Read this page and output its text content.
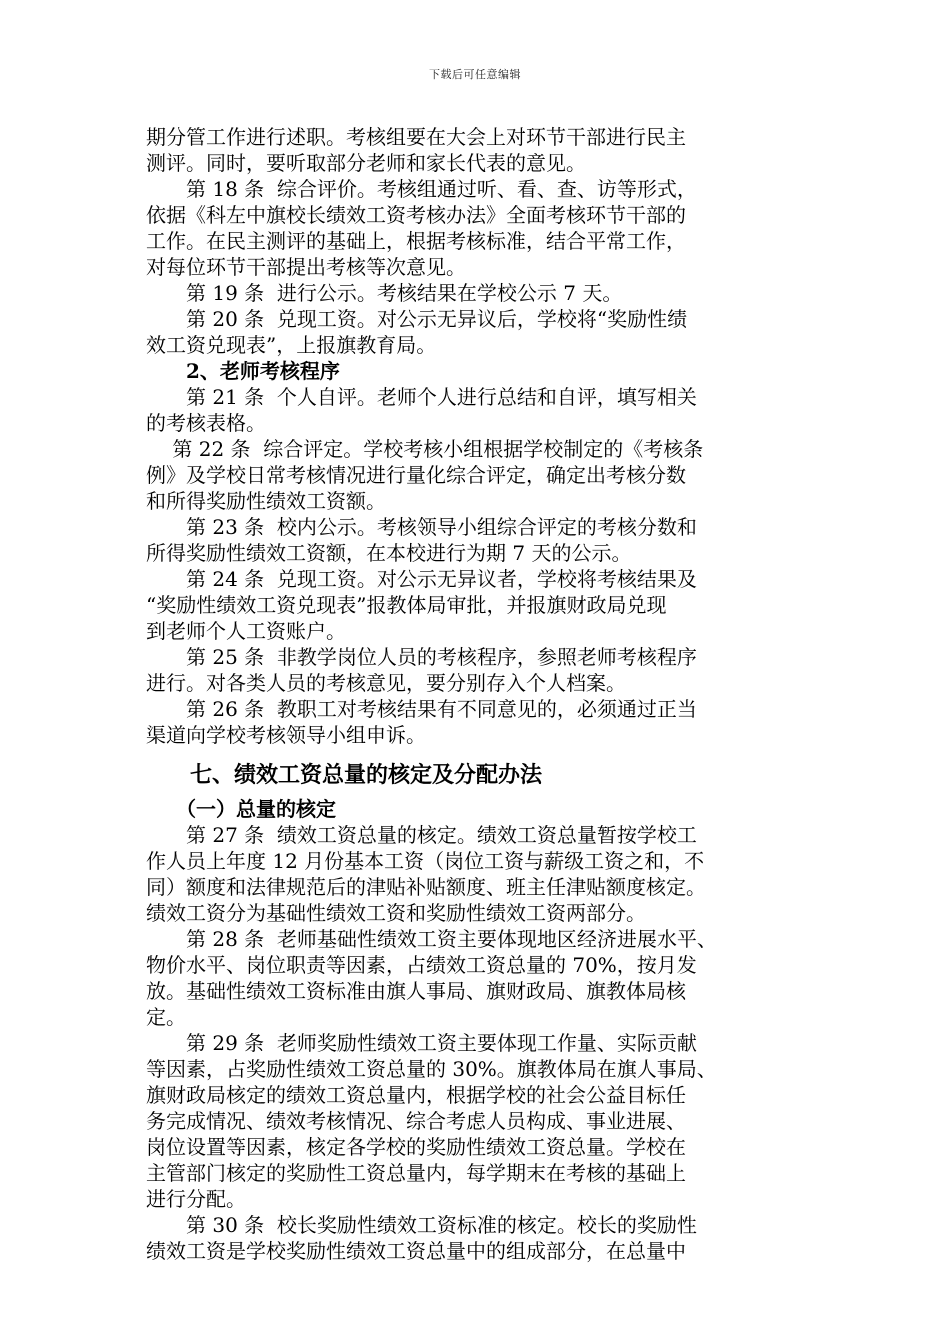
下载后可任意编辑
期分管工作进行述职。考核组要在大会上对环节干部进行民主
测评。同时，要听取部分老师和家长代表的意见。
　　第 18 条  综合评价。考核组通过听、看、查、访等形式，
依据《科左中旗校长绩效工资考核办法》全面考核环节干部的
工作。在民主测评的基础上，根据考核标准，结合平常工作，
对每位环节干部提出考核等次意见。
　　第 19 条  进行公示。考核结果在学校公示 7 天。
　　第 20 条  兑现工资。对公示无异议后，学校将“奖励性绩
效工资兑现表”，上报旗教育局。
　　2、老师考核程序
　　第 21 条  个人自评。老师个人进行总结和自评，填写相关
的考核表格。
　 第 22 条  综合评定。学校考核小组根据学校制定的《考核条
例》及学校日常考核情况进行量化综合评定，确定出考核分数
和所得奖励性绩效工资额。
　　第 23 条  校内公示。考核领导小组综合评定的考核分数和
所得奖励性绩效工资额，在本校进行为期 7 天的公示。
　　第 24 条  兑现工资。对公示无异议者，学校将考核结果及
“奖励性绩效工资兑现表”报教体局审批，并报旗财政局兑现
到老师个人工资账户。
　　第 25 条  非教学岗位人员的考核程序，参照老师考核程序
进行。对各类人员的考核意见，要分别存入个人档案。
　　第 26 条  教职工对考核结果有不同意见的，必须通过正当
渠道向学校考核领导小组申诉。
　　七、绩效工资总量的核定及分配办法
　　（一）总量的核定
　　第 27 条  绩效工资总量的核定。绩效工资总量暂按学校工
作人员上年度 12 月份基本工资（岗位工资与薪级工资之和，不
同）额度和法律规范后的津贴补贴额度、班主任津贴额度核定。
绩效工资分为基础性绩效工资和奖励性绩效工资两部分。
　　第 28 条  老师基础性绩效工资主要体现地区经济进展水平、
物价水平、岗位职责等因素，占绩效工资总量的 70%，按月发
放。基础性绩效工资标准由旗人事局、旗财政局、旗教体局核
定。
　　第 29 条  老师奖励性绩效工资主要体现工作量、实际贡献
等因素，占奖励性绩效工资总量的 30%。旗教体局在旗人事局、
旗财政局核定的绩效工资总量内，根据学校的社会公益目标任
务完成情况、绩效考核情况、综合考虑人员构成、事业进展、
岗位设置等因素，核定各学校的奖励性绩效工资总量。学校在
主管部门核定的奖励性工资总量内，每学期末在考核的基础上
进行分配。
　　第 30 条  校长奖励性绩效工资标准的核定。校长的奖励性
绩效工资是学校奖励性绩效工资总量中的组成部分，在总量中
